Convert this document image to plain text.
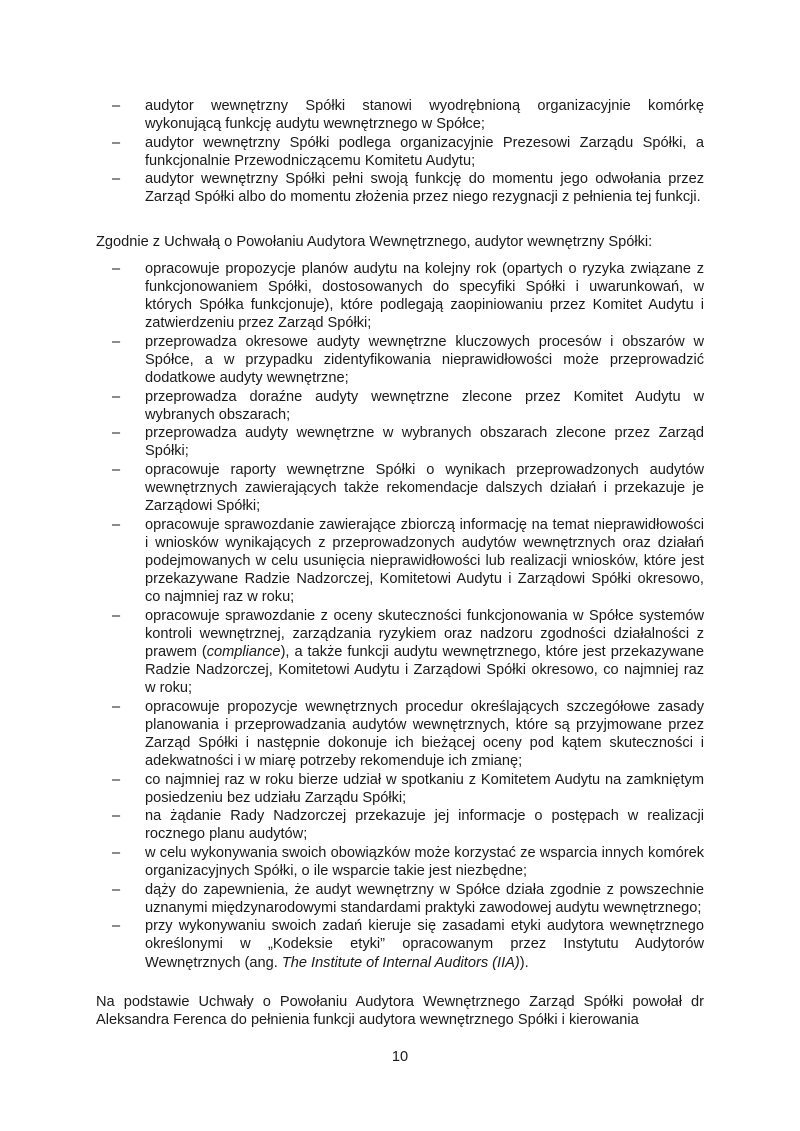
– audytor wewnętrzny Spółki stanowi wyodrębnioną organizacyjnie komórkę wykonującą funkcję audytu wewnętrznego w Spółce;
– audytor wewnętrzny Spółki podlega organizacyjnie Prezesowi Zarządu Spółki, a funkcjonalnie Przewodniczącemu Komitetu Audytu;
– audytor wewnętrzny Spółki pełni swoją funkcję do momentu jego odwołania przez Zarząd Spółki albo do momentu złożenia przez niego rezygnacji z pełnienia tej funkcji.

Zgodnie z Uchwałą o Powołaniu Audytora Wewnętrznego, audytor wewnętrzny Spółki:

– opracowuje propozycje planów audytu na kolejny rok (opartych o ryzyka związane z funkcjonowaniem Spółki, dostosowanych do specyfiki Spółki i uwarunkowań, w których Spółka funkcjonuje), które podlegają zaopiniowaniu przez Komitet Audytu i zatwierdzeniu przez Zarząd Spółki;
– przeprowadza okresowe audyty wewnętrzne kluczowych procesów i obszarów w Spółce, a w przypadku zidentyfikowania nieprawidłowości może przeprowadzić dodatkowe audyty wewnętrzne;
– przeprowadza doraźne audyty wewnętrzne zlecone przez Komitet Audytu w wybranych obszarach;
– przeprowadza audyty wewnętrzne w wybranych obszarach zlecone przez Zarząd Spółki;
– opracowuje raporty wewnętrzne Spółki o wynikach przeprowadzonych audytów wewnętrznych zawierających także rekomendacje dalszych działań i przekazuje je Zarządowi Spółki;
– opracowuje sprawozdanie zawierające zbiorczą informację na temat nieprawidłowości i wniosków wynikających z przeprowadzonych audytów wewnętrznych oraz działań podejmowanych w celu usunięcia nieprawidłowości lub realizacji wniosków, które jest przekazywane Radzie Nadzorczej, Komitetowi Audytu i Zarządowi Spółki okresowo, co najmniej raz w roku;
– opracowuje sprawozdanie z oceny skuteczności funkcjonowania w Spółce systemów kontroli wewnętrznej, zarządzania ryzykiem oraz nadzoru zgodności działalności z prawem (compliance), a także funkcji audytu wewnętrznego, które jest przekazywane Radzie Nadzorczej, Komitetowi Audytu i Zarządowi Spółki okresowo, co najmniej raz w roku;
– opracowuje propozycje wewnętrznych procedur określających szczegółowe zasady planowania i przeprowadzania audytów wewnętrznych, które są przyjmowane przez Zarząd Spółki i następnie dokonuje ich bieżącej oceny pod kątem skuteczności i adekwatności i w miarę potrzeby rekomenduje ich zmianę;
– co najmniej raz w roku bierze udział w spotkaniu z Komitetem Audytu na zamkniętym posiedzeniu bez udziału Zarządu Spółki;
– na żądanie Rady Nadzorczej przekazuje jej informacje o postępach w realizacji rocznego planu audytów;
– w celu wykonywania swoich obowiązków może korzystać ze wsparcia innych komórek organizacyjnych Spółki, o ile wsparcie takie jest niezbędne;
– dąży do zapewnienia, że audyt wewnętrzny w Spółce działa zgodnie z powszechnie uznanymi międzynarodowymi standardami praktyki zawodowej audytu wewnętrznego;
– przy wykonywaniu swoich zadań kieruje się zasadami etyki audytora wewnętrznego określonymi w „Kodeksie etyki” opracowanym przez Instytutu Audytorów Wewnętrznych (ang. The Institute of Internal Auditors (IIA)).

Na podstawie Uchwały o Powołaniu Audytora Wewnętrznego Zarząd Spółki powołał dr Aleksandra Ferenca do pełnienia funkcji audytora wewnętrznego Spółki i kierowania

10
